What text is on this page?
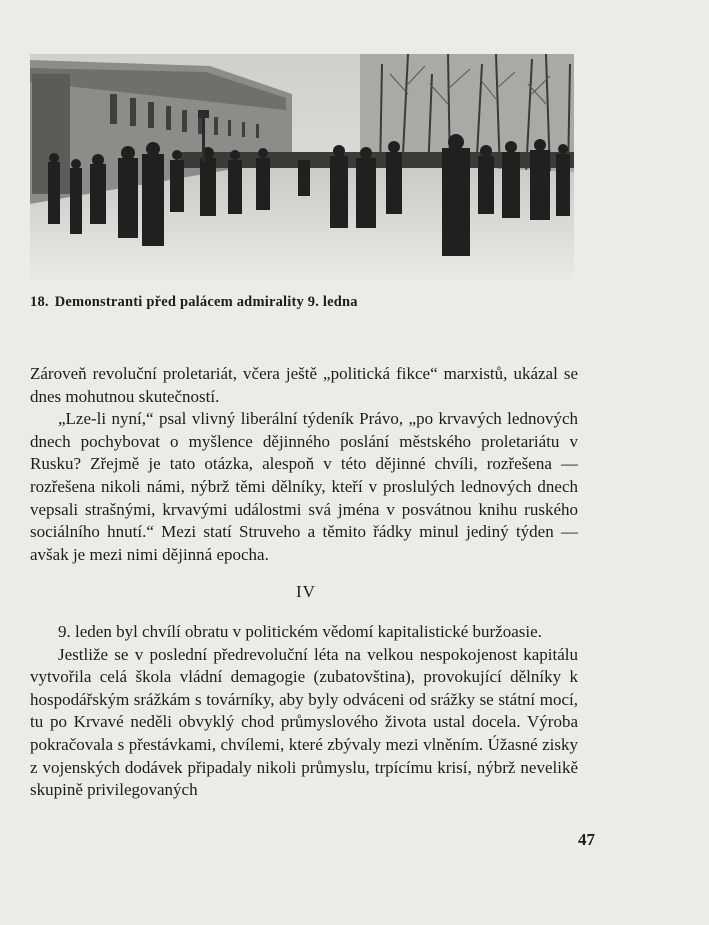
18. Demonstranti před palácem admirality 9. ledna

Zároveň revoluční proletariát, včera ještě „politická fikce“ marxistů, ukázal se dnes mohutnou skutečností.

„Lze-li nyní,“ psal vlivný liberální týdeník Právo, „po krvavých lednových dnech pochybovat o myšlence dějinného poslání městského proletariátu v Rusku? Zřejmě je tato otázka, alespoň v této dějinné chvíli, rozřešena — rozřešena nikoli námi, nýbrž těmi dělníky, kteří v proslulých lednových dnech vepsali strašnými, krvavými událostmi svá jména v posvátnou knihu ruského sociálního hnutí.“ Mezi statí Struveho a těmito řádky minul jediný týden — avšak je mezi nimi dějinná epocha.

IV

9. leden byl chvílí obratu v politickém vědomí kapitalistické buržoasie.

Jestliže se v poslední předrevoluční léta na velkou nespokojenost kapitálu vytvořila celá škola vládní demagogie (zubatovština), provokující dělníky k hospodářským srážkám s továrníky, aby byly odváceni od srážky se státní mocí, tu po Krvavé neděli obvyklý chod průmyslového života ustal docela. Výroba pokračovala s přestávkami, chvílemi, které zbývaly mezi vlněním. Úžasné zisky z vojenských dodávek připadaly nikoli průmyslu, trpícímu krisí, nýbrž nevelikě skupině privilegovaných

47
